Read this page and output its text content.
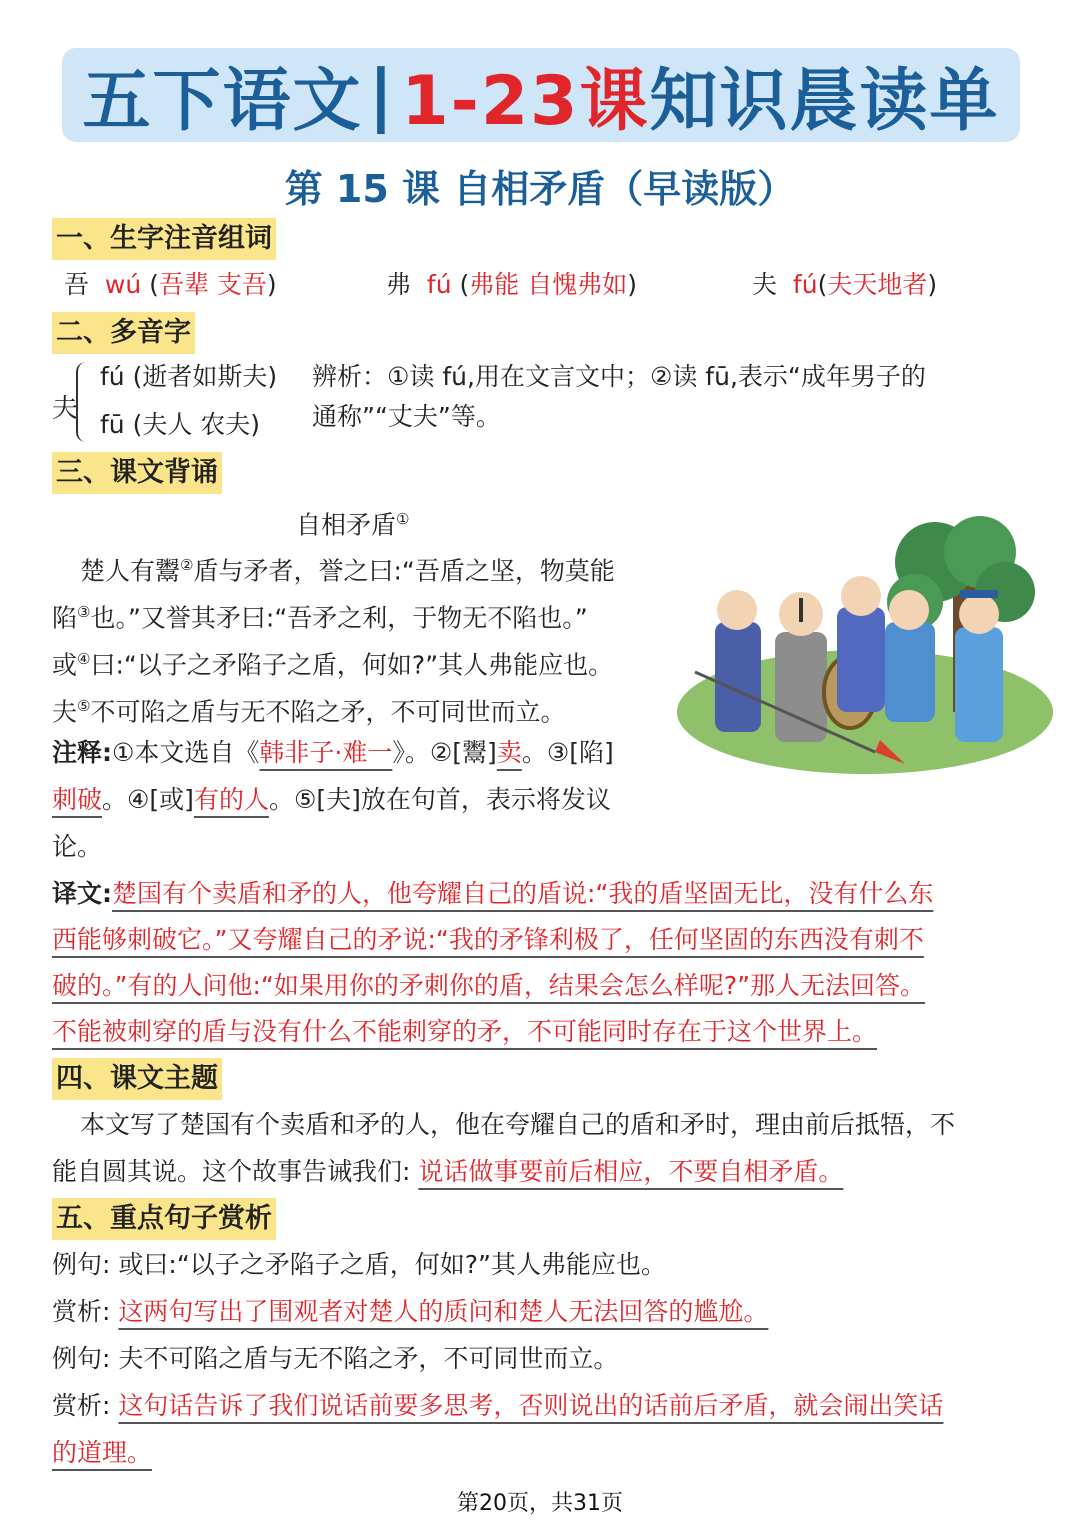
五下语文 | 1-23课 知识晨读单
第 15 课 自相矛盾（早读版）
一、生字注音组词
吾 wú (吾辈 支吾)	弗 fú (弗能 自愧弗如)	夫 fú(夫天地者)
二、多音字
夫
fú (逝者如斯夫)
fū (夫人 农夫)
辨析：①读 fú,用在文言文中；②读 fū,表示“成年男子的
通称”“丈夫”等。
三、课文背诵
自相矛盾①
楚人有鬻②盾与矛者，誉之曰:“吾盾之坚，物莫能
陷③也。”又誉其矛曰:“吾矛之利，于物无不陷也。”
或④曰:“以子之矛陷子之盾，何如?”其人弗能应也。
夫⑤不可陷之盾与无不陷之矛，不可同世而立。
注释:①本文选自《韩非子·难一》。②[鬻]卖。③[陷]
刺破。④[或]有的人。⑤[夫]放在句首，表示将发议
论。
译文:楚国有个卖盾和矛的人，他夸耀自己的盾说:“我的盾坚固无比，没有什么东
西能够刺破它。”又夸耀自己的矛说:“我的矛锋利极了，任何坚固的东西没有刺不
破的。”有的人问他:“如果用你的矛刺你的盾，结果会怎么样呢?”那人无法回答。
不能被刺穿的盾与没有什么不能刺穿的矛，不可能同时存在于这个世界上。
四、课文主题
本文写了楚国有个卖盾和矛的人，他在夸耀自己的盾和矛时，理由前后抵牾，不
能自圆其说。这个故事告诫我们: 说话做事要前后相应，不要自相矛盾。
五、重点句子赏析
例句: 或曰:“以子之矛陷子之盾，何如?”其人弗能应也。
赏析: 这两句写出了围观者对楚人的质问和楚人无法回答的尴尬。
例句: 夫不可陷之盾与无不陷之矛，不可同世而立。
赏析: 这句话告诉了我们说话前要多思考，否则说出的话前后矛盾，就会闹出笑话
的道理。
第20页，共31页
